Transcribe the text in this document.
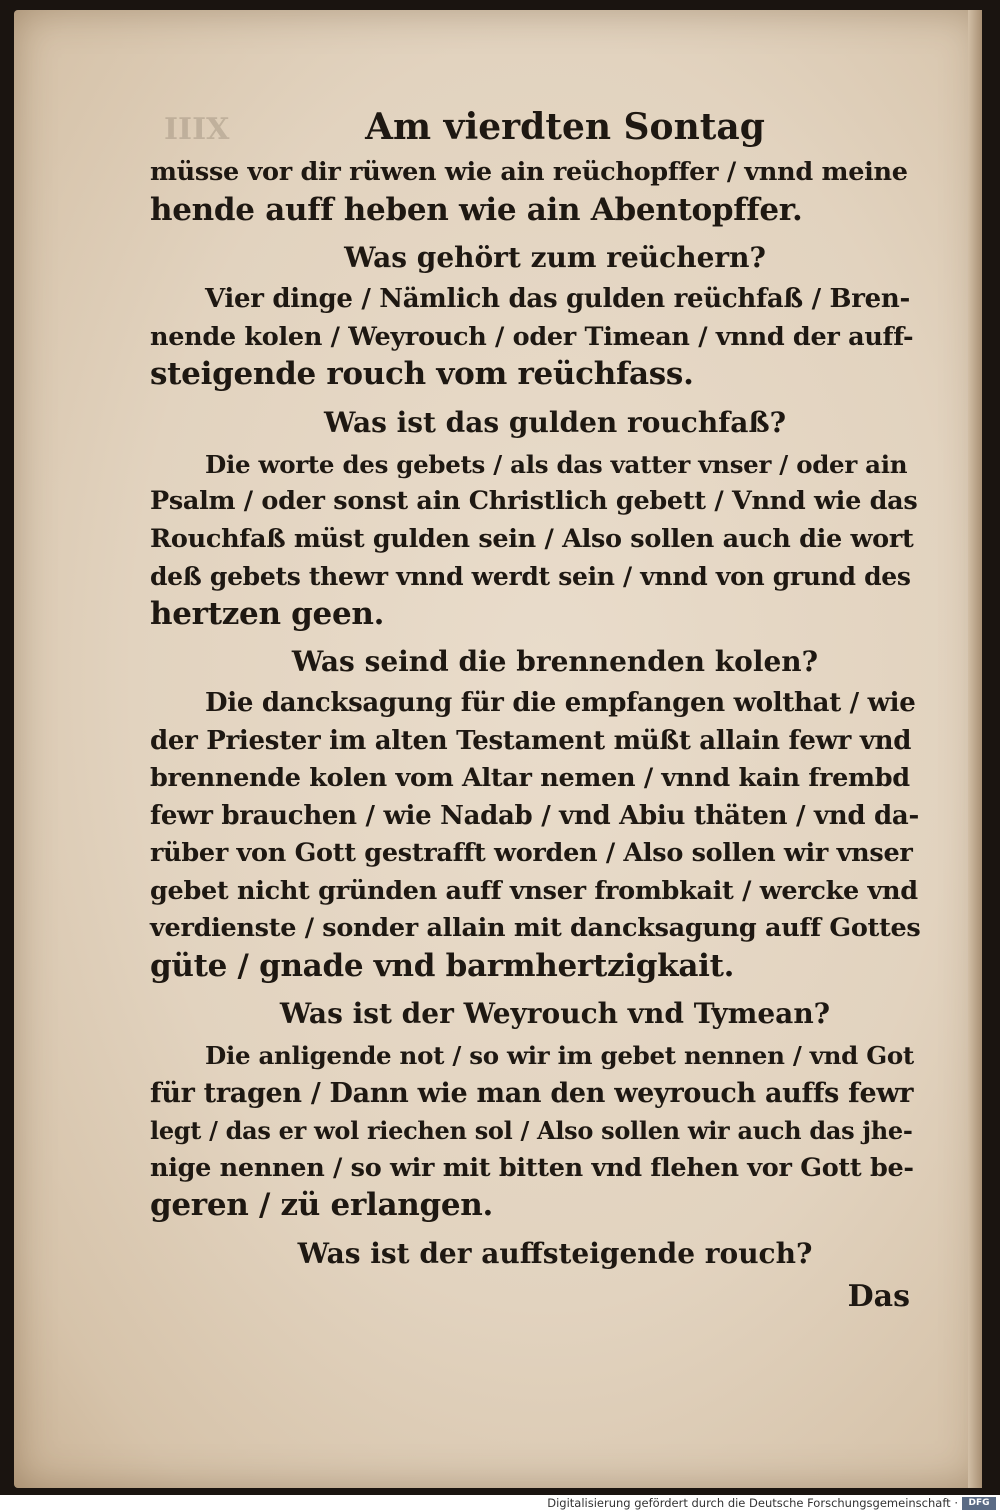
IIIX	Am vierdten Sontag
müsse vor dir rüwen wie ain reüchopffer / vnnd meine
hende auff heben wie ain Abentopffer.
Was gehört zum reüchern?
Vier dinge / Nämlich das gulden reüchfaß / Bren-
nende kolen / Weyrouch / oder Timean / vnnd der auff-
steigende rouch vom reüchfass.
Was ist das gulden rouchfaß?
Die worte des gebets / als das vatter vnser / oder ain
Psalm / oder sonst ain Christlich gebett / Vnnd wie das
Rouchfaß müst gulden sein / Also sollen auch die wort
deß gebets thewr vnnd werdt sein / vnnd von grund des
hertzen geen.
Was seind die brennenden kolen?
Die dancksagung für die empfangen wolthat / wie
der Priester im alten Testament müßt allain fewr vnd
brennende kolen vom Altar nemen / vnnd kain frembd
fewr brauchen / wie Nadab / vnd Abiu thäten / vnd da-
rüber von Gott gestrafft worden / Also sollen wir vnser
gebet nicht gründen auff vnser frombkait / wercke vnd
verdienste / sonder allain mit dancksagung auff Gottes
güte / gnade vnd barmhertzigkait.
Was ist der Weyrouch vnd Tymean?
Die anligende not / so wir im gebet nennen / vnd Got
für tragen / Dann wie man den weyrouch auffs fewr
legt / das er wol riechen sol / Also sollen wir auch das jhe-
nige nennen / so wir mit bitten vnd flehen vor Gott be-
geren / zü erlangen.
Was ist der auffsteigende rouch?
Das
Digitalisierung gefördert durch die Deutsche Forschungsgemeinschaft ·	DFG
